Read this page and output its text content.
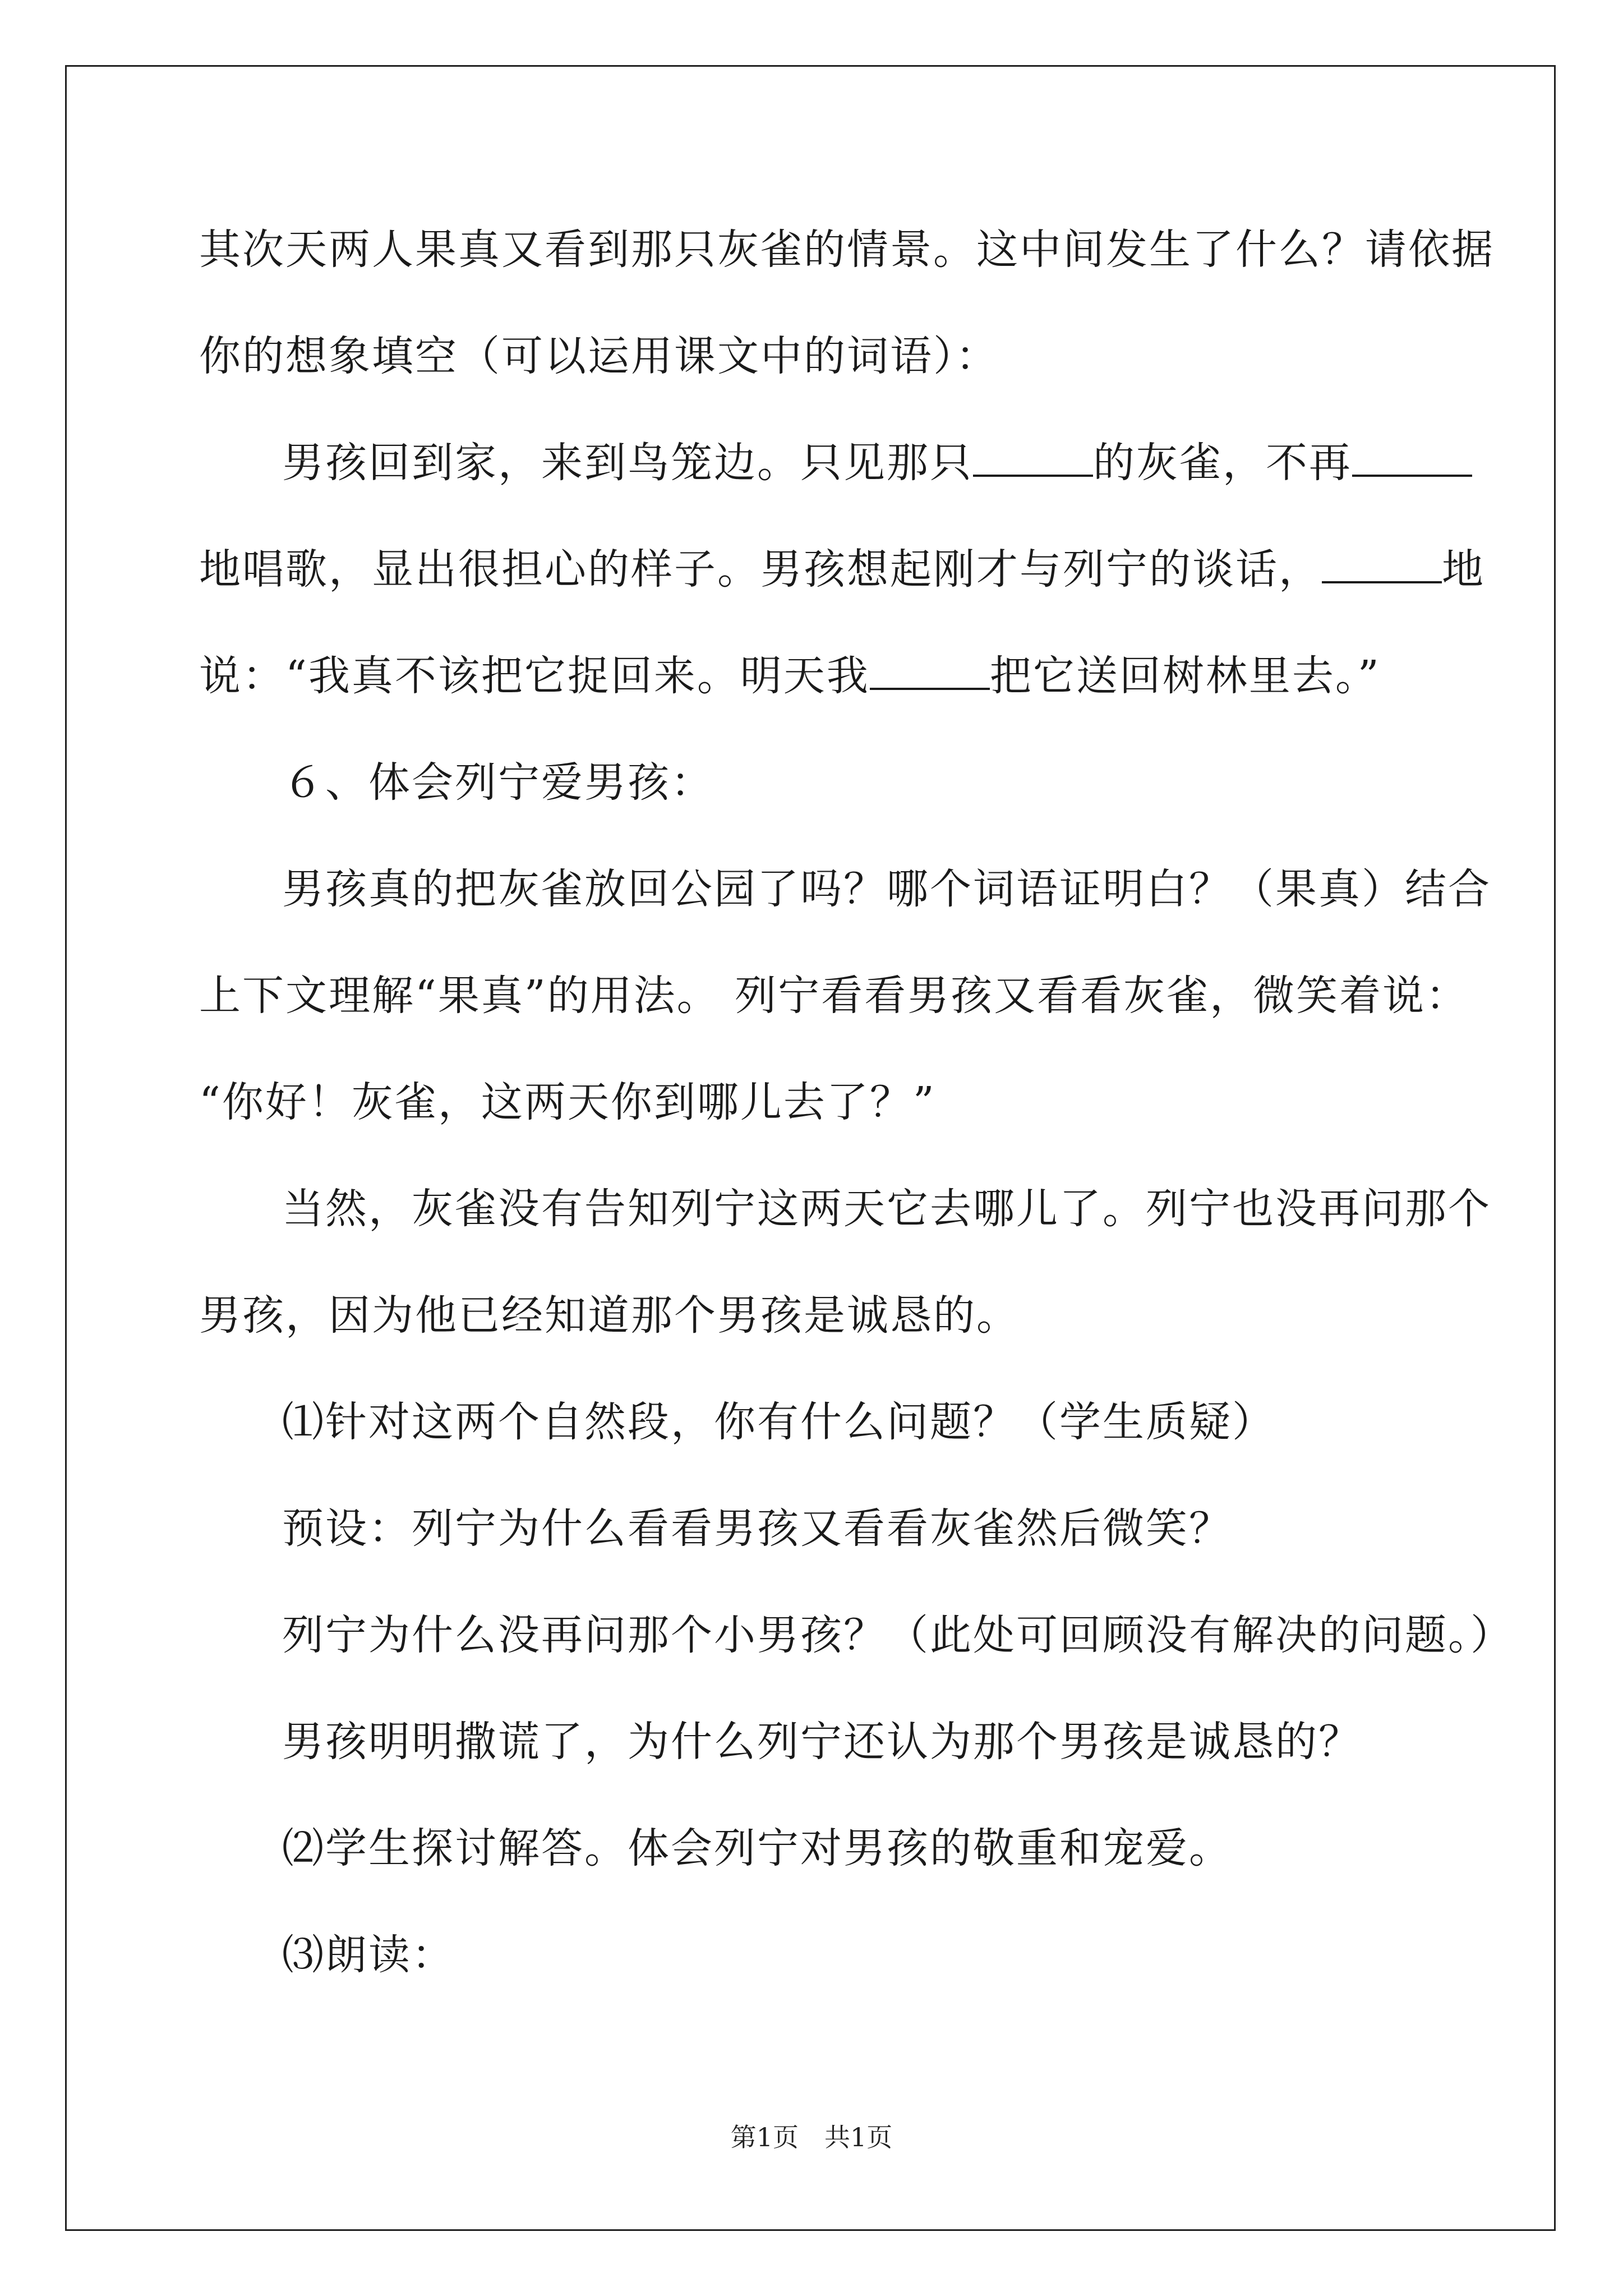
其次天两人果真又看到那只灰雀的情景。这中间发生了什么？请依据
你的想象填空（可以运用课文中的词语）：
男孩回到家，来到鸟笼边。只见那只	的灰雀，不再
地唱歌，显出很担心的样子。男孩想起刚才与列宁的谈话，	地
说：“我真不该把它捉回来。明天我	把它送回树林里去。”
６、体会列宁爱男孩：
男孩真的把灰雀放回公园了吗？哪个词语证明白？（果真）结合
上下文理解“果真”的用法。 列宁看看男孩又看看灰雀，微笑着说：
“你好！灰雀，这两天你到哪儿去了？”
当然，灰雀没有告知列宁这两天它去哪儿了。列宁也没再问那个
男孩，因为他已经知道那个男孩是诚恳的。
⑴针对这两个自然段，你有什么问题？（学生质疑）
预设：列宁为什么看看男孩又看看灰雀然后微笑？
列宁为什么没再问那个小男孩？（此处可回顾没有解决的问题。）
男孩明明撒谎了，为什么列宁还认为那个男孩是诚恳的？
⑵学生探讨解答。体会列宁对男孩的敬重和宠爱。
⑶朗读：
第1页　共1页
